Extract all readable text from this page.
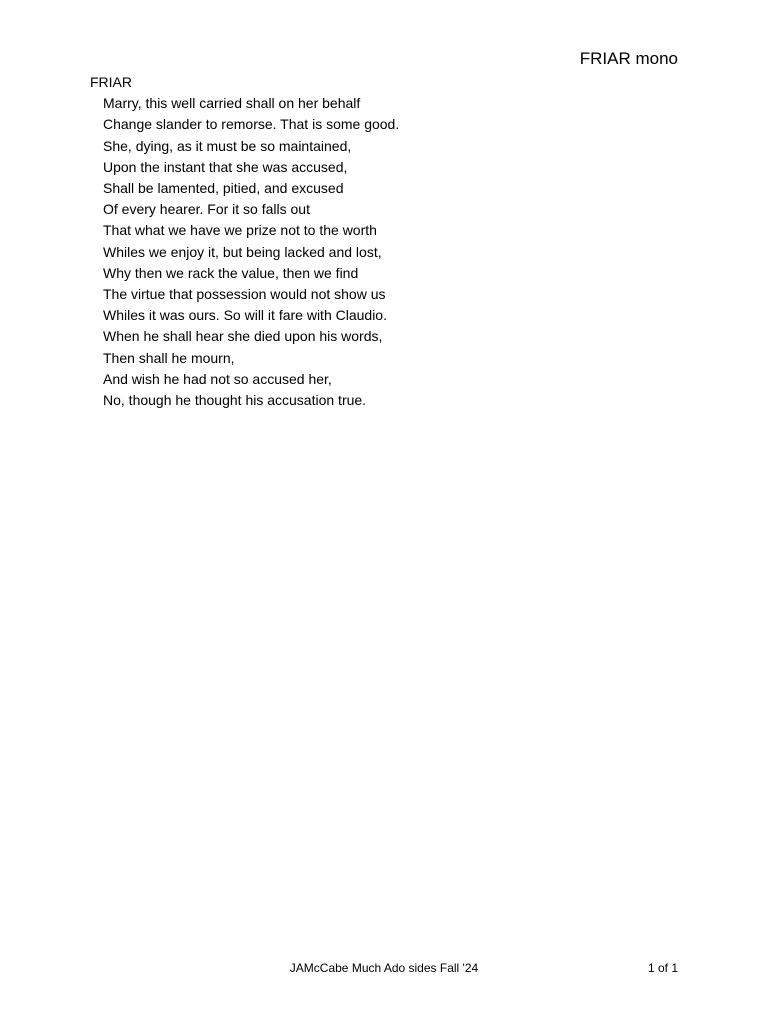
FRIAR mono

FRIAR

Marry, this well carried shall on her behalf
Change slander to remorse. That is some good.
She, dying, as it must be so maintained,
Upon the instant that she was accused,
Shall be lamented, pitied, and excused
Of every hearer. For it so falls out
That what we have we prize not to the worth
Whiles we enjoy it, but being lacked and lost,
Why then we rack the value, then we find
The virtue that possession would not show us
Whiles it was ours. So will it fare with Claudio.
When he shall hear she died upon his words,
Then shall he mourn,
And wish he had not so accused her,
No, though he thought his accusation true.
JAMcCabe Much Ado sides Fall '24	1 of 1
